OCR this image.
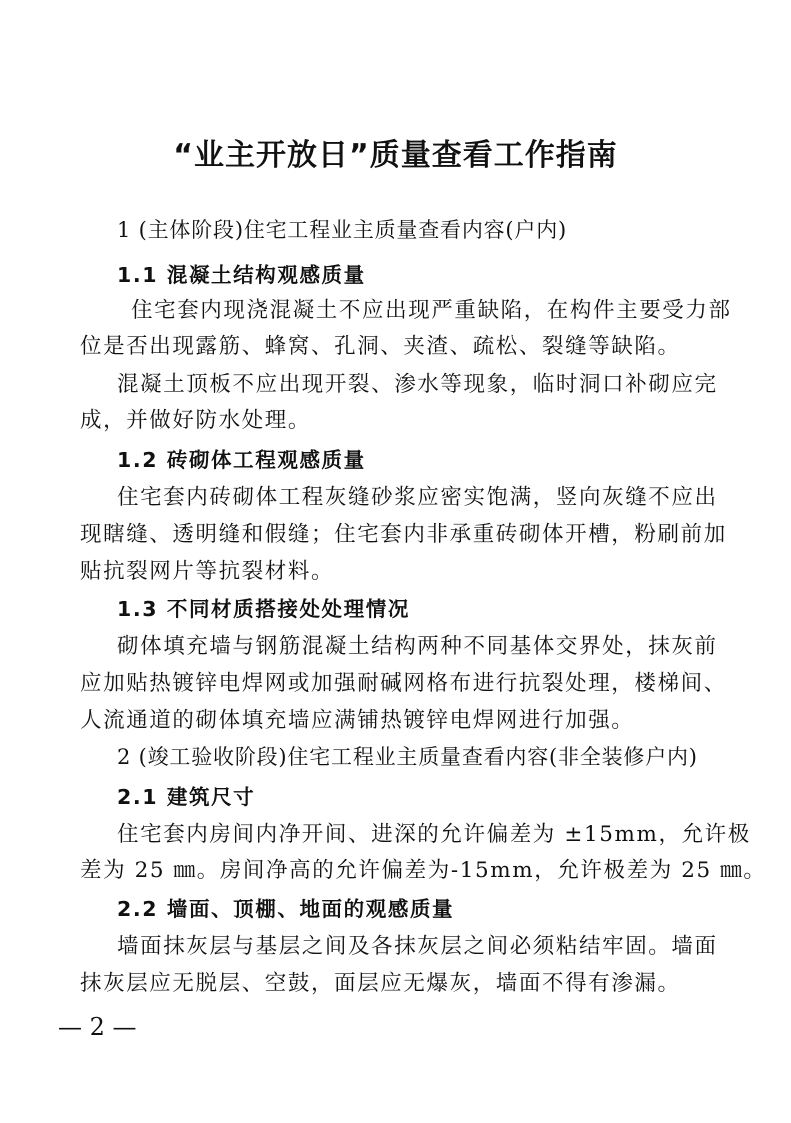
“业主开放日”质量查看工作指南
1 (主体阶段)住宅工程业主质量查看内容(户内)
1.1 混凝土结构观感质量
住宅套内现浇混凝土不应出现严重缺陷，在构件主要受力部
位是否出现露筋、蜂窝、孔洞、夹渣、疏松、裂缝等缺陷。
混凝土顶板不应出现开裂、渗水等现象，临时洞口补砌应完
成，并做好防水处理。
1.2 砖砌体工程观感质量
住宅套内砖砌体工程灰缝砂浆应密实饱满，竖向灰缝不应出
现瞎缝、透明缝和假缝；住宅套内非承重砖砌体开槽，粉刷前加
贴抗裂网片等抗裂材料。
1.3 不同材质搭接处处理情况
砌体填充墙与钢筋混凝土结构两种不同基体交界处，抹灰前
应加贴热镀锌电焊网或加强耐碱网格布进行抗裂处理，楼梯间、
人流通道的砌体填充墙应满铺热镀锌电焊网进行加强。
2 (竣工验收阶段)住宅工程业主质量查看内容(非全装修户内)
2.1 建筑尺寸
住宅套内房间内净开间、进深的允许偏差为 ±15mm，允许极
差为 25 ㎜。房间净高的允许偏差为-15mm，允许极差为 25 ㎜。
2.2 墙面、顶棚、地面的观感质量
墙面抹灰层与基层之间及各抹灰层之间必须粘结牢固。墙面
抹灰层应无脱层、空鼓，面层应无爆灰，墙面不得有渗漏。
— 2 —
